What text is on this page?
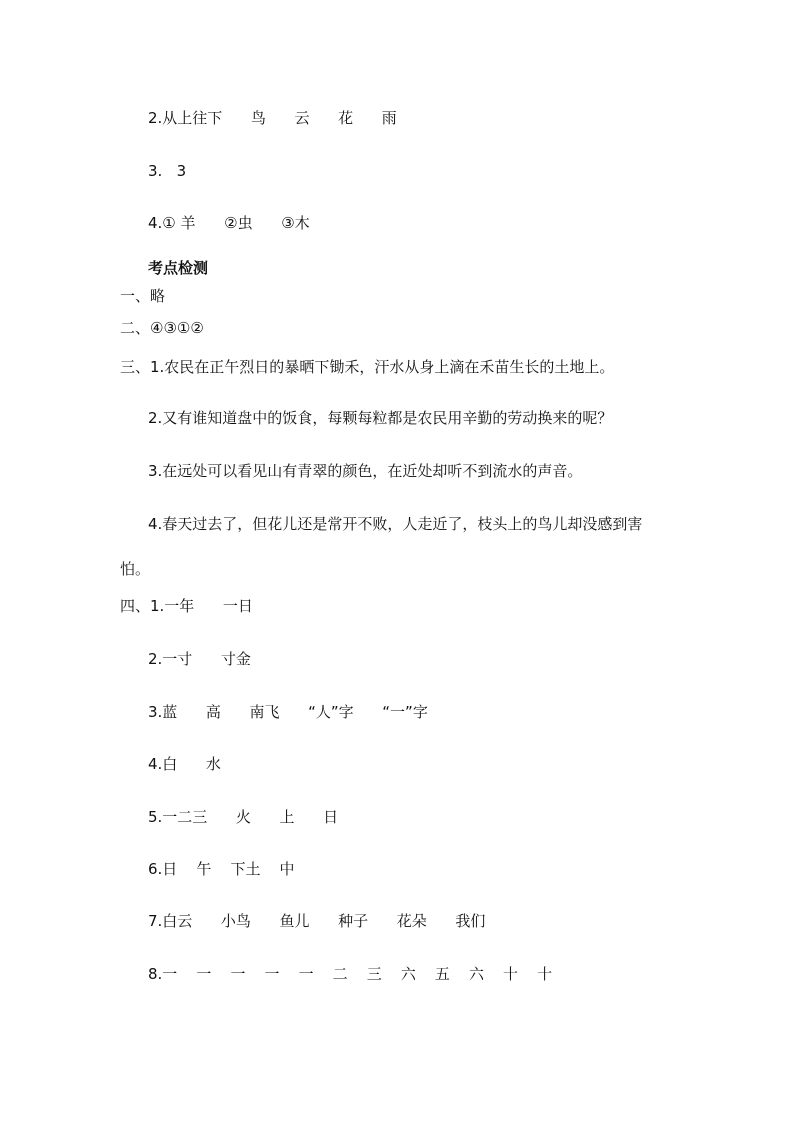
2.从上往下      鸟      云      花      雨
3.   3
4.① 羊      ②虫      ③木
考点检测
一、略
二、④③①②
三、1.农民在正午烈日的暴晒下锄禾，汗水从身上滴在禾苗生长的土地上。
2.又有谁知道盘中的饭食，每颗每粒都是农民用辛勤的劳动换来的呢？
3.在远处可以看见山有青翠的颜色，在近处却听不到流水的声音。
4.春天过去了，但花儿还是常开不败，人走近了，枝头上的鸟儿却没感到害
怕。
四、1.一年      一日
2.一寸      寸金
3.蓝      高      南飞      “人”字      “一”字
4.白      水
5.一二三      火      上      日
6.日    午    下土    中
7.白云      小鸟      鱼儿      种子      花朵      我们
8.一    一    一    一    一    二    三    六    五    六    十    十
